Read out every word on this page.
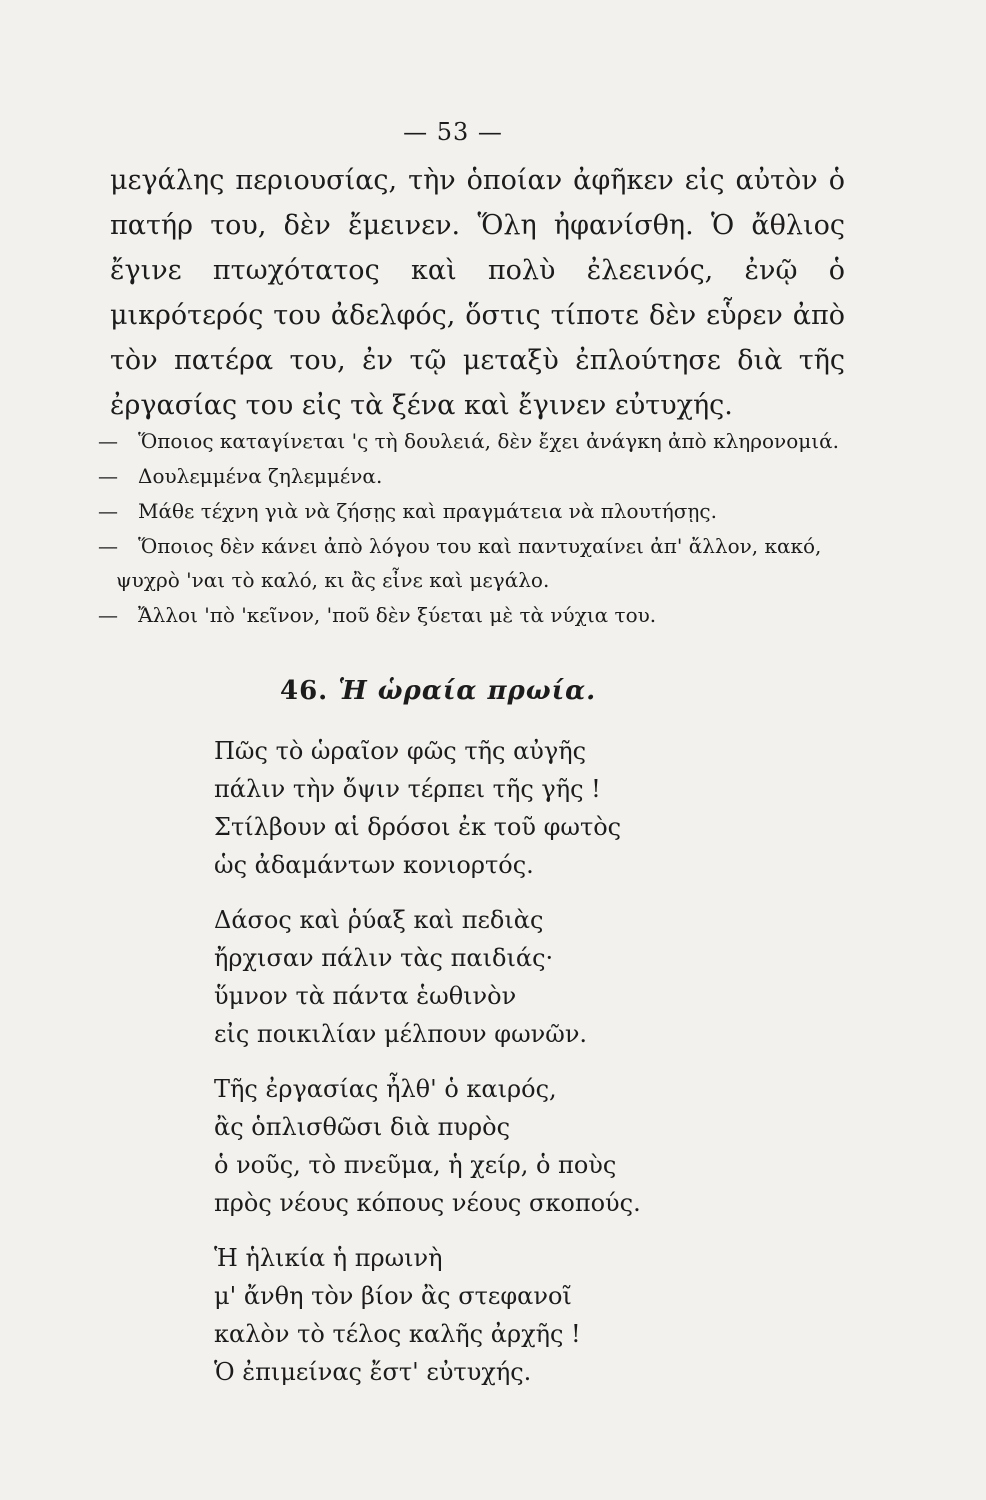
— 53 —

μεγάλης περιουσίας, τὴν ὁποίαν ἀφῆκεν εἰς αὐτὸν ὁ πατήρ του, δὲν ἔμεινεν. Ὅλη ἠφανίσθη. Ὁ ἄθλιος ἔγινε πτωχότατος καὶ πολὺ ἐλεεινός, ἐνῷ ὁ μικρότερός του ἀδελφός, ὅστις τίποτε δὲν εὗρεν ἀπὸ τὸν πατέρα του, ἐν τῷ μεταξὺ ἐπλούτησε διὰ τῆς ἐργασίας του εἰς τὰ ξένα καὶ ἔγινεν εὐτυχής.

— Ὅποιος καταγίνεται 'ς τὴ δουλειά, δὲν ἔχει ἀνάγκη ἀπὸ κληρονομιά.
— Δουλεμμένα ζηλεμμένα.
— Μάθε τέχνη γιὰ νὰ ζήσῃς καὶ πραγμάτεια νὰ πλουτήσῃς.
— Ὅποιος δὲν κάνει ἀπὸ λόγου του καὶ παντυχαίνει ἀπ' ἄλλον, κακό, ψυχρὸ 'ναι τὸ καλό, κι ἂς εἶνε καὶ μεγάλο.
— Ἄλλοι 'πὸ 'κεῖνον, 'ποῦ δὲν ξύεται μὲ τὰ νύχια του.
46. Ἡ ὡραία πρωία.
Πῶς τὸ ὡραῖον φῶς τῆς αὐγῆς
πάλιν τὴν ὄψιν τέρπει τῆς γῆς !
Στίλβουν αἱ δρόσοι ἐκ τοῦ φωτὸς
ὡς ἀδαμάντων κονιορτός.
Δάσος καὶ ῥύαξ καὶ πεδιὰς
ἤρχισαν πάλιν τὰς παιδιάς·
ὕμνον τὰ πάντα ἑωθινὸν
εἰς ποικιλίαν μέλπουν φωνῶν.
Τῆς ἐργασίας ἦλθ' ὁ καιρός,
ἂς ὁπλισθῶσι διὰ πυρὸς
ὁ νοῦς, τὸ πνεῦμα, ἡ χείρ, ὁ ποὺς
πρὸς νέους κόπους νέους σκοπούς.
Ἡ ἡλικία ἡ πρωινὴ
μ' ἄνθη τὸν βίον ἂς στεφανοῖ
καλὸν τὸ τέλος καλῆς ἀρχῆς !
Ὁ ἐπιμείνας ἔστ' εὐτυχής.
